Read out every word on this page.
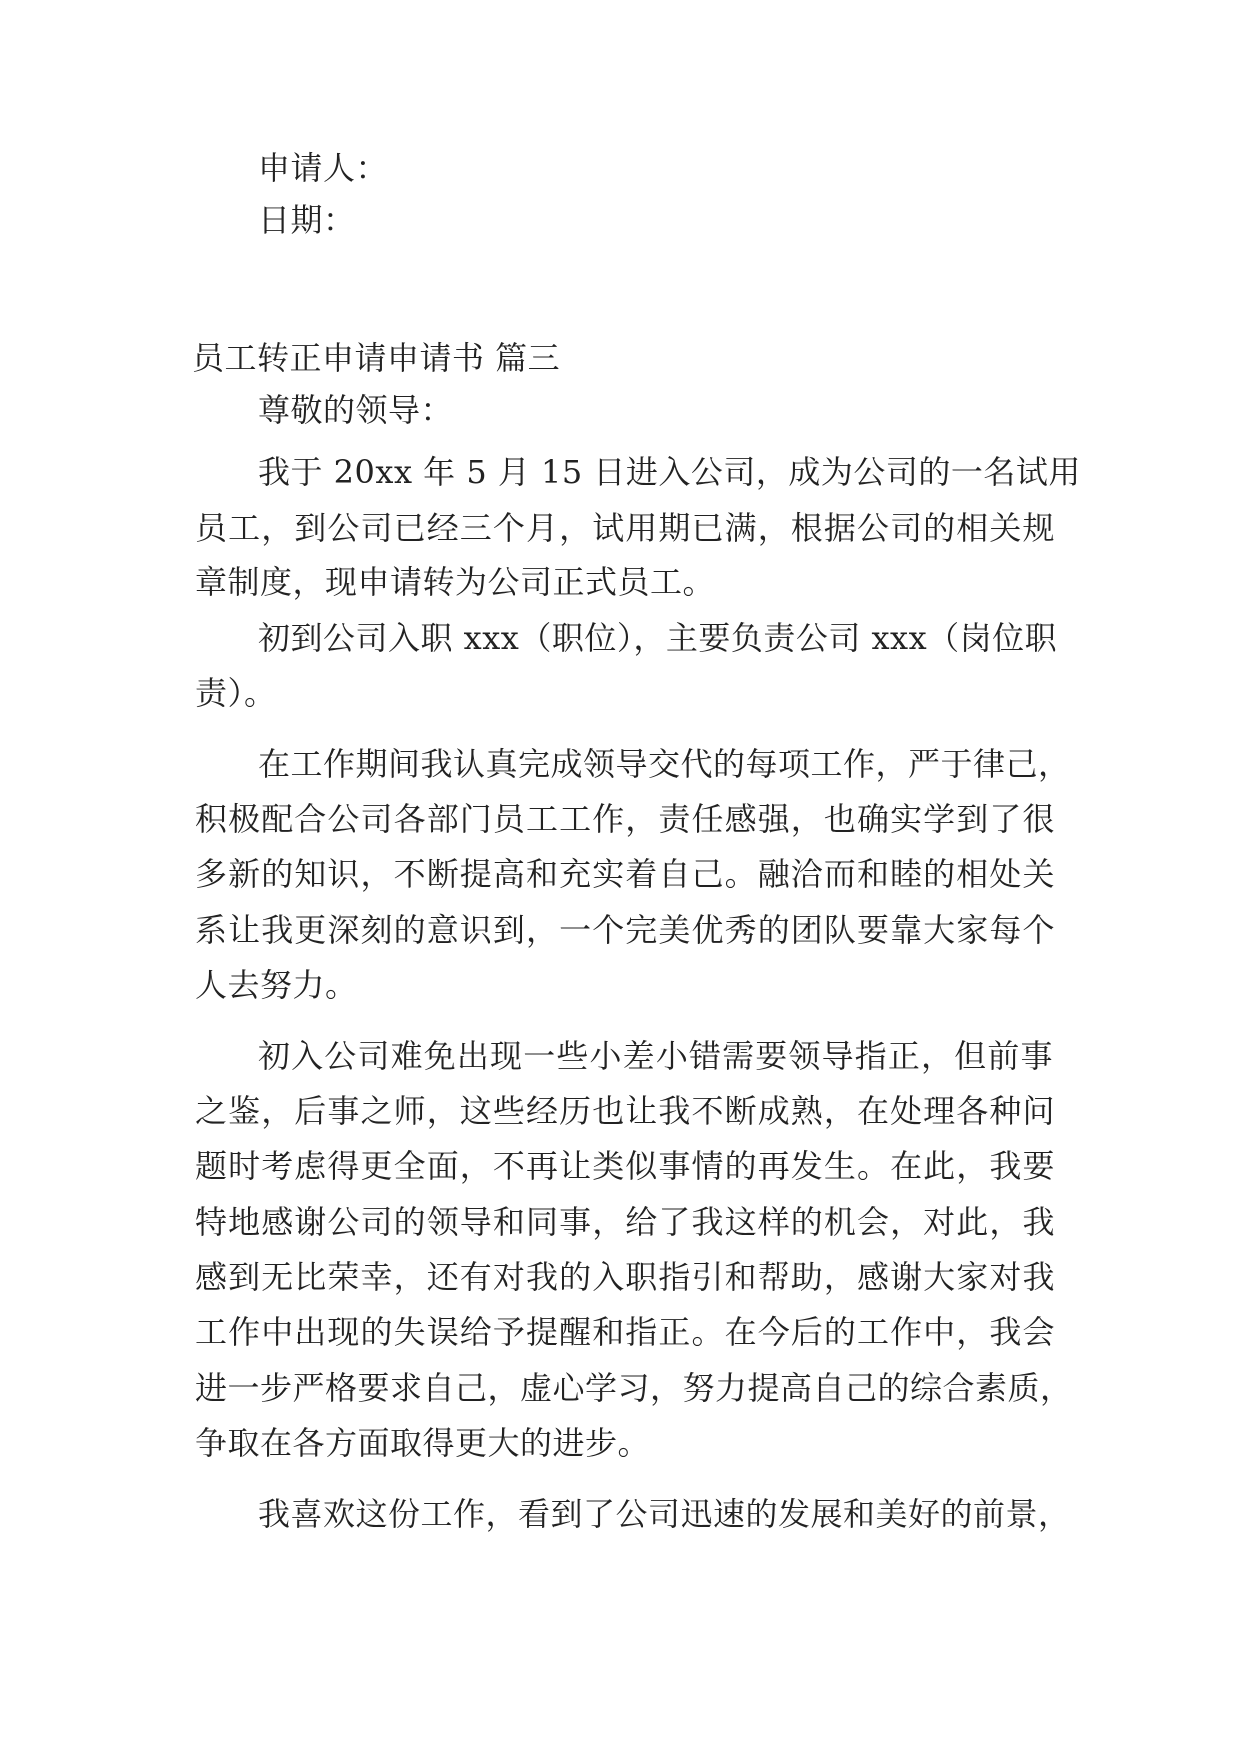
申请人：
日期：
员工转正申请申请书 篇三
尊敬的领导：
我于 20xx 年 5 月 15 日进入公司，成为公司的一名试用
员工，到公司已经三个月，试用期已满，根据公司的相关规
章制度，现申请转为公司正式员工。
初到公司入职 xxx（职位），主要负责公司 xxx（岗位职
责）。
在工作期间我认真完成领导交代的每项工作，严于律己，
积极配合公司各部门员工工作，责任感强，也确实学到了很
多新的知识，不断提高和充实着自己。融洽而和睦的相处关
系让我更深刻的意识到，一个完美优秀的团队要靠大家每个
人去努力。
初入公司难免出现一些小差小错需要领导指正，但前事
之鉴，后事之师，这些经历也让我不断成熟，在处理各种问
题时考虑得更全面，不再让类似事情的再发生。在此，我要
特地感谢公司的领导和同事，给了我这样的机会，对此，我
感到无比荣幸，还有对我的入职指引和帮助，感谢大家对我
工作中出现的失误给予提醒和指正。在今后的工作中，我会
进一步严格要求自己，虚心学习，努力提高自己的综合素质，
争取在各方面取得更大的进步。
我喜欢这份工作，看到了公司迅速的发展和美好的前景，
